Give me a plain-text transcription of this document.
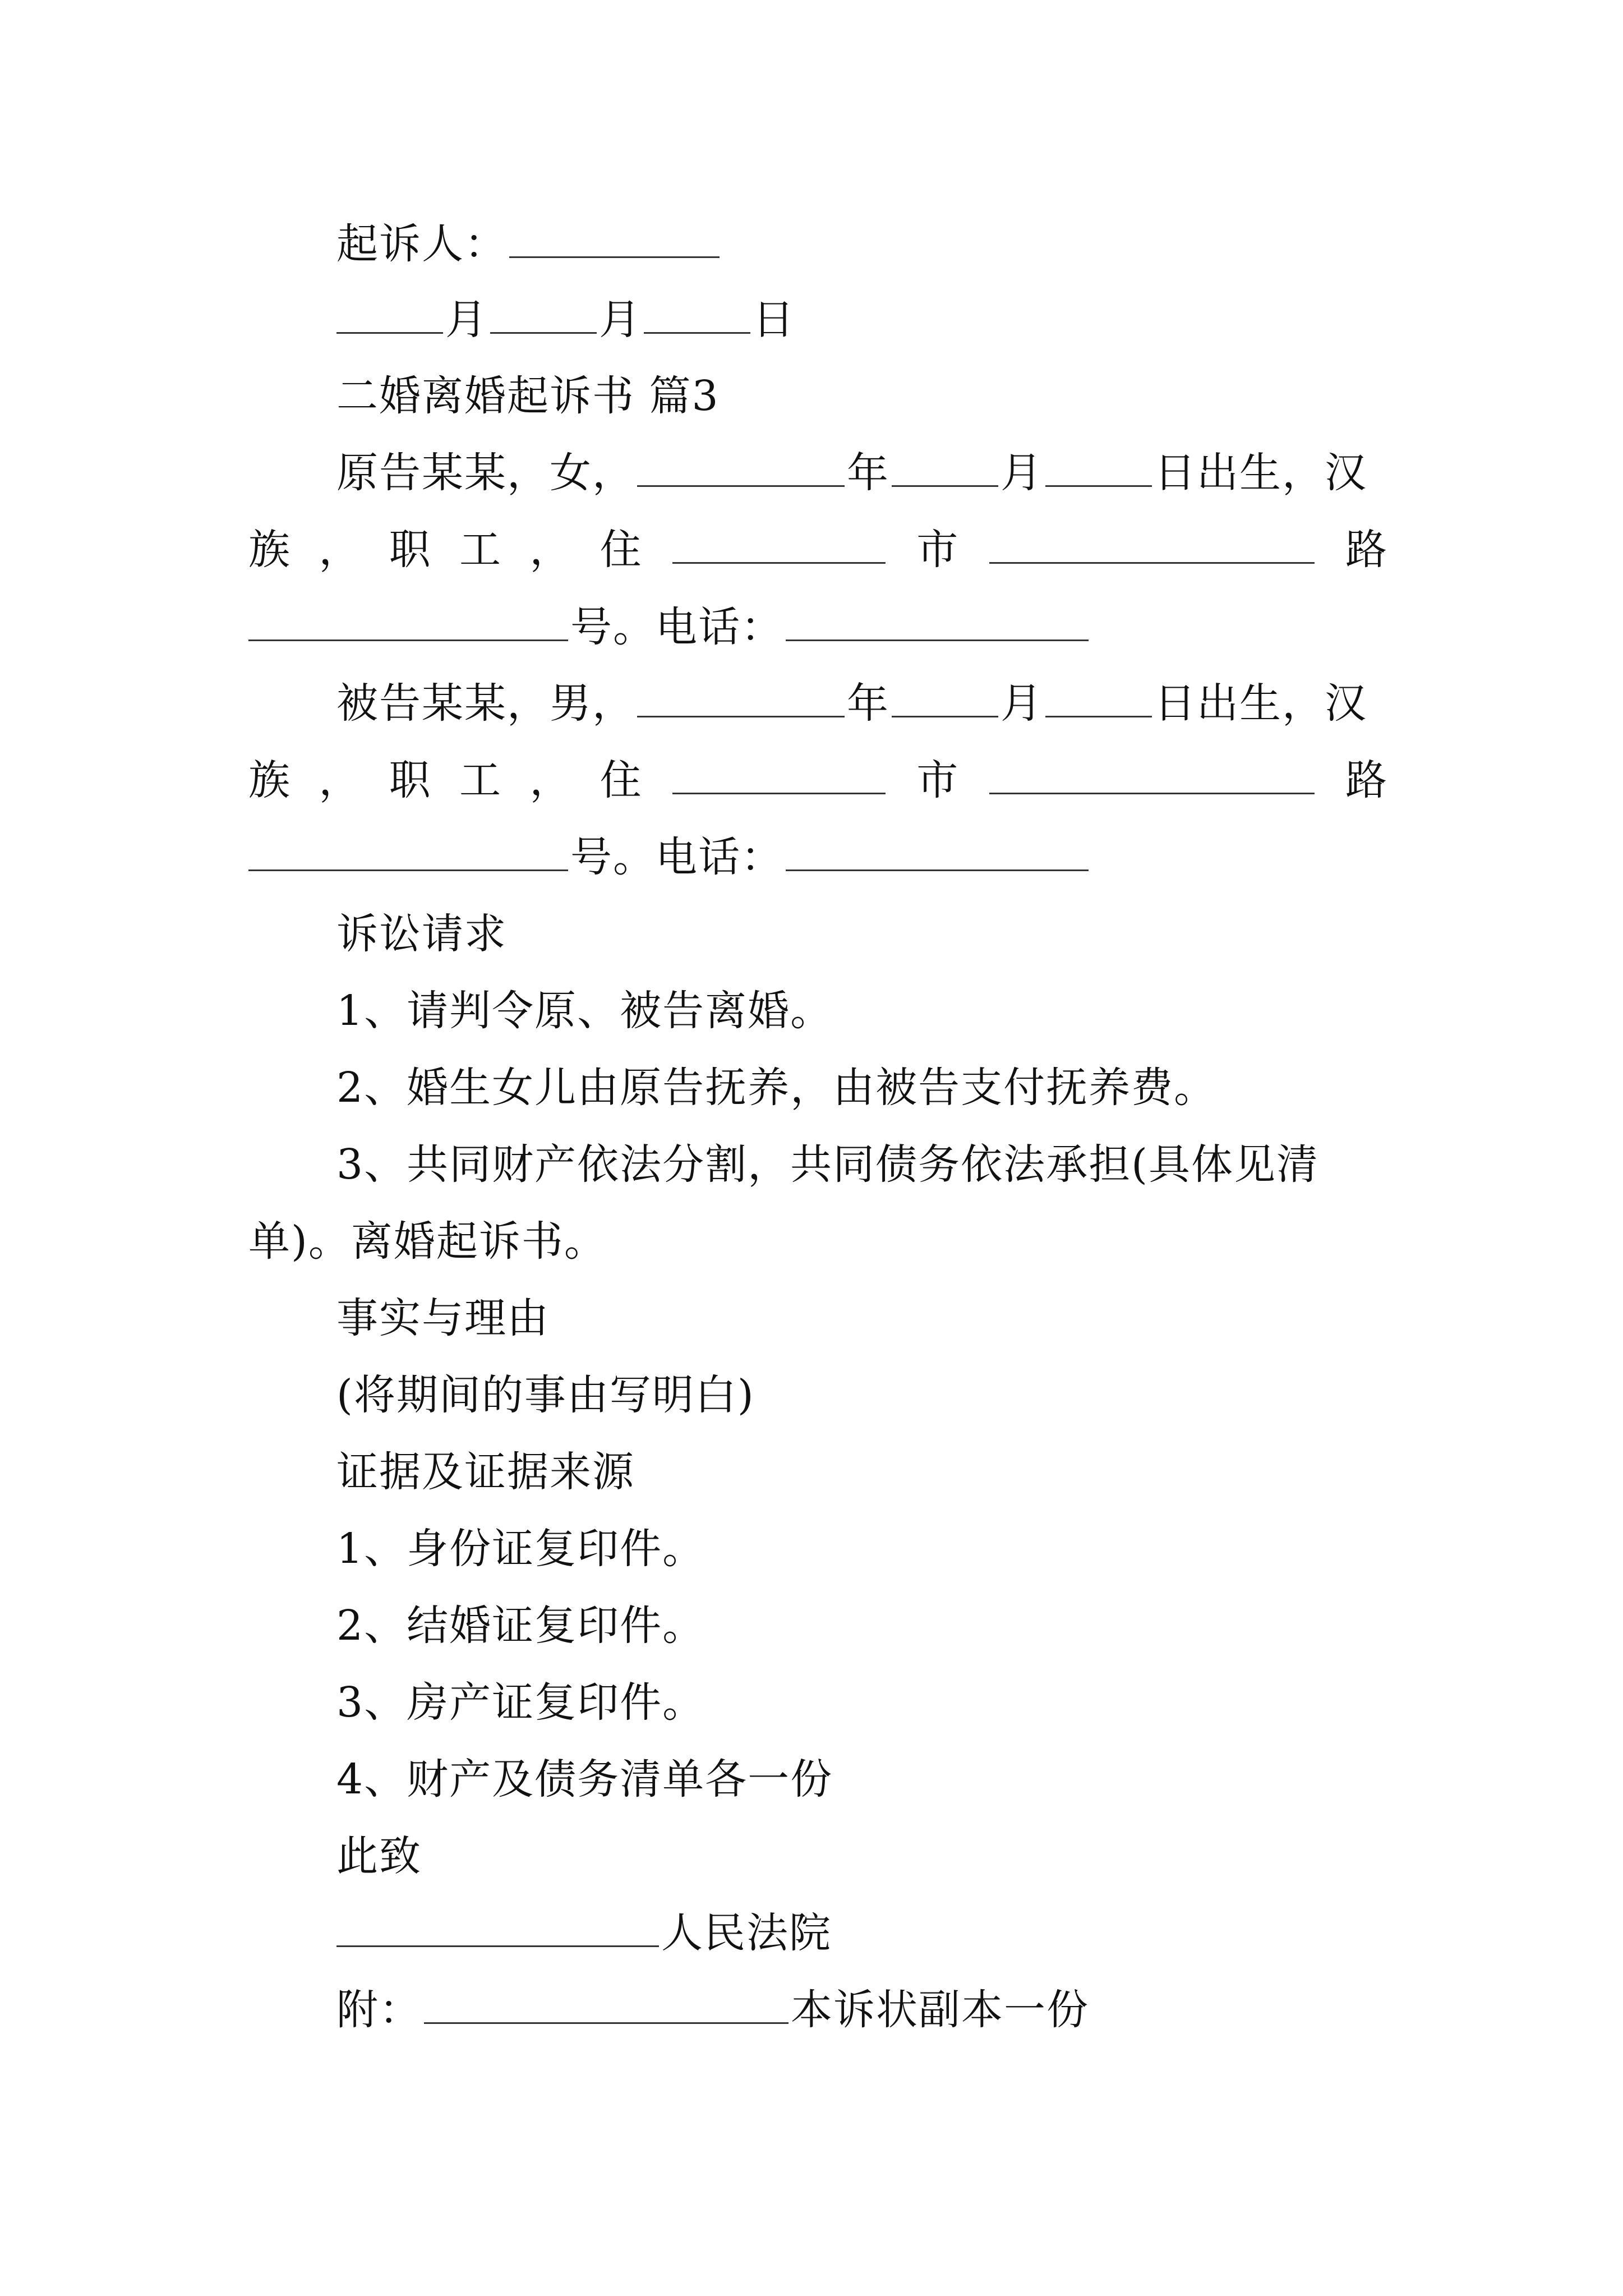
起诉人：
月	月	日
二婚离婚起诉书 篇3
原告某某，女，	年	月	日出生，汉
族 ， 职 工 ， 住	市	路
号。电话：
被告某某，男，	年	月	日出生，汉
族 ， 职 工 ， 住	市	路
号。电话：
诉讼请求
1、请判令原、被告离婚。
2、婚生女儿由原告抚养，由被告支付抚养费。
3、共同财产依法分割，共同债务依法承担(具体见清
单)。离婚起诉书。
事实与理由
(将期间的事由写明白)
证据及证据来源
1、身份证复印件。
2、结婚证复印件。
3、房产证复印件。
4、财产及债务清单各一份
此致
人民法院
附：	本诉状副本一份
